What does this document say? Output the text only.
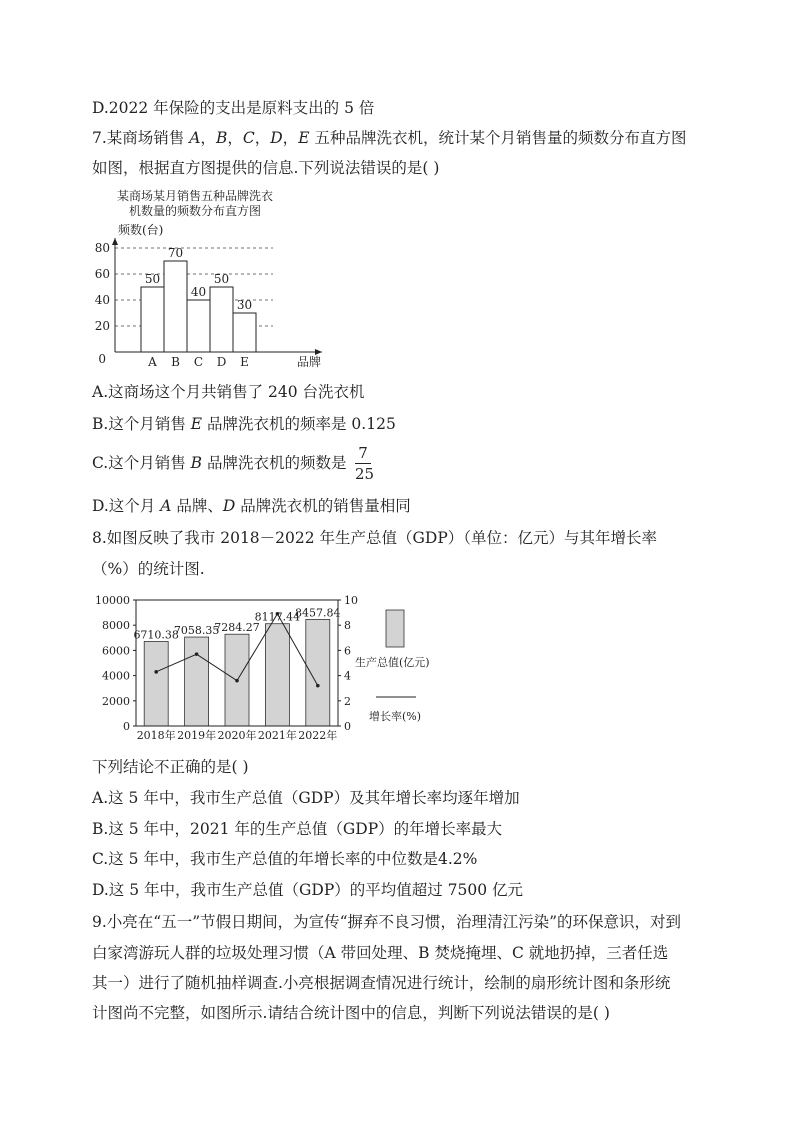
D.2022 年保险的支出是原料支出的 5 倍
7.某商场销售 A，B，C，D，E 五种品牌洗衣机，统计某个月销售量的频数分布直方图
如图，根据直方图提供的信息.下列说法错误的是( )
某商场某月销售五种品牌洗衣
机数量的频数分布直方图
0
20
40
60
80
50
A
70
B
40
C
50
D
30
E
频数(台)
品牌
A.这商场这个月共销售了 240 台洗衣机
B.这个月销售 E 品牌洗衣机的频率是 0.125
C.这个月销售 B 品牌洗衣机的频数是
7
25
D.这个月 A 品牌、D 品牌洗衣机的销售量相同
8.如图反映了我市 2018－2022 年生产总值（GDP）（单位：亿元）与其年增长率
（%）的统计图.
0
2000
4000
6000
8000
10000
0
2
4
6
8
10
2018年 2019年 2020年 2021年 2022年
6710.38
7058.35
7284.27
8117.44
8457.84
生产总值(亿元)
增长率(%)
下列结论不正确的是( )
A.这 5 年中，我市生产总值（GDP）及其年增长率均逐年增加
B.这 5 年中，2021 年的生产总值（GDP）的年增长率最大
C.这 5 年中，我市生产总值的年增长率的中位数是4.2%
D.这 5 年中，我市生产总值（GDP）的平均值超过 7500 亿元
9.小亮在“五一”节假日期间，为宣传“摒弃不良习惯，治理清江污染”的环保意识，对到
白家湾游玩人群的垃圾处理习惯（A 带回处理、B 焚烧掩埋、C 就地扔掉，三者任选
其一）进行了随机抽样调查.小亮根据调查情况进行统计，绘制的扇形统计图和条形统
计图尚不完整，如图所示.请结合统计图中的信息，判断下列说法错误的是( )
